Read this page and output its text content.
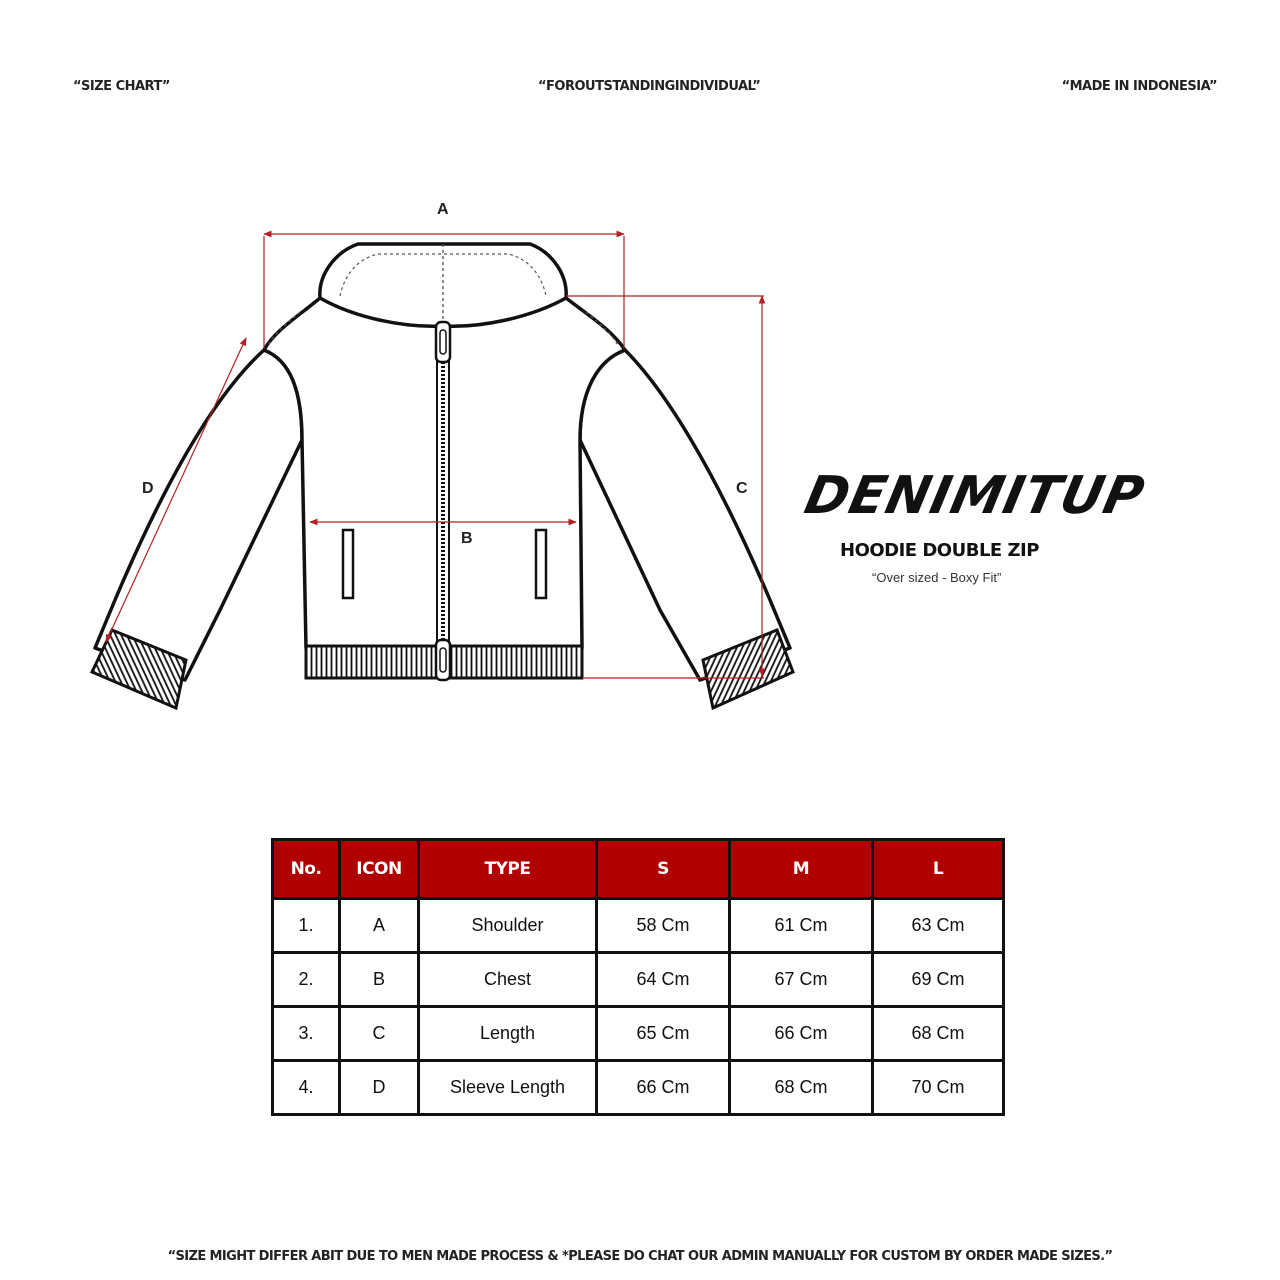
“SIZE CHART”	“FOROUTSTANDINGINDIVIDUAL”	“MADE IN INDONESIA”
A
B
C
D	DENIMITUP
HOODIE DOUBLE ZIP
“Over sized - Boxy Fit”
No.	ICON	TYPE	S	M	L
1.	A	Shoulder	58 Cm	61 Cm	63 Cm
2.	B	Chest	64 Cm	67 Cm	69 Cm
3.	C	Length	65 Cm	66 Cm	68 Cm
4.	D	Sleeve Length	66 Cm	68 Cm	70 Cm
“SIZE MIGHT DIFFER ABIT DUE TO MEN MADE PROCESS & *PLEASE DO CHAT OUR ADMIN MANUALLY FOR CUSTOM BY ORDER MADE SIZES.”
